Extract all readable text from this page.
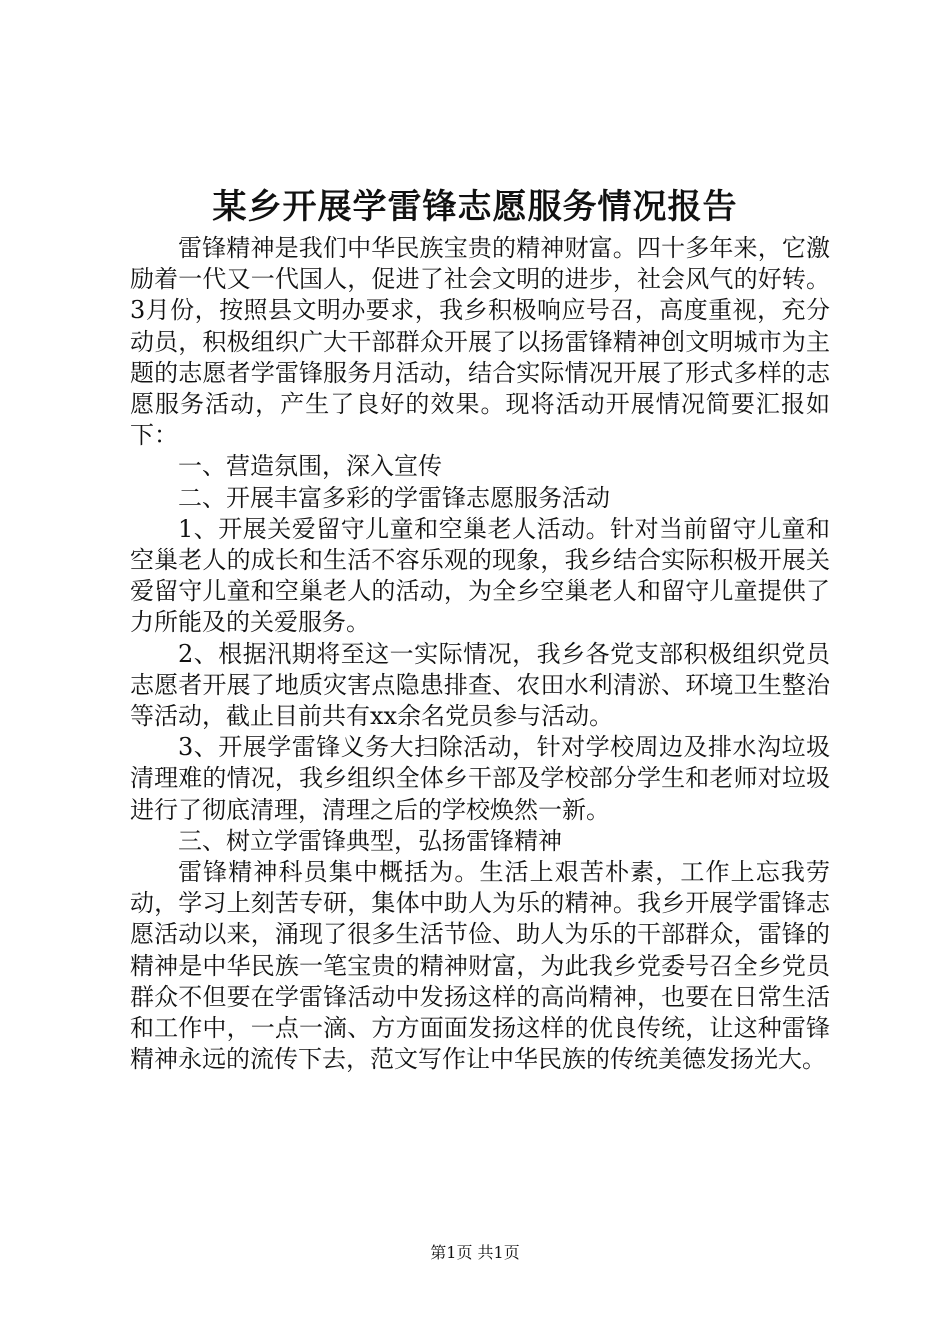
某乡开展学雷锋志愿服务情况报告

雷锋精神是我们中华民族宝贵的精神财富。四十多年来，它激励着一代又一代国人，促进了社会文明的进步，社会风气的好转。3月份，按照县文明办要求，我乡积极响应号召，高度重视，充分动员，积极组织广大干部群众开展了以扬雷锋精神创文明城市为主题的志愿者学雷锋服务月活动，结合实际情况开展了形式多样的志愿服务活动，产生了良好的效果。现将活动开展情况简要汇报如下：

一、营造氛围，深入宣传

二、开展丰富多彩的学雷锋志愿服务活动

1、开展关爱留守儿童和空巢老人活动。针对当前留守儿童和空巢老人的成长和生活不容乐观的现象，我乡结合实际积极开展关爱留守儿童和空巢老人的活动，为全乡空巢老人和留守儿童提供了力所能及的关爱服务。

2、根据汛期将至这一实际情况，我乡各党支部积极组织党员志愿者开展了地质灾害点隐患排查、农田水利清淤、环境卫生整治等活动，截止目前共有xx余名党员参与活动。

3、开展学雷锋义务大扫除活动，针对学校周边及排水沟垃圾清理难的情况，我乡组织全体乡干部及学校部分学生和老师对垃圾进行了彻底清理，清理之后的学校焕然一新。

三、树立学雷锋典型，弘扬雷锋精神

雷锋精神科员集中概括为。生活上艰苦朴素，工作上忘我劳动，学习上刻苦专研，集体中助人为乐的精神。我乡开展学雷锋志愿活动以来，涌现了很多生活节俭、助人为乐的干部群众，雷锋的精神是中华民族一笔宝贵的精神财富，为此我乡党委号召全乡党员群众不但要在学雷锋活动中发扬这样的高尚精神，也要在日常生活和工作中，一点一滴、方方面面发扬这样的优良传统，让这种雷锋精神永远的流传下去，范文写作让中华民族的传统美德发扬光大。

第1页 共1页
